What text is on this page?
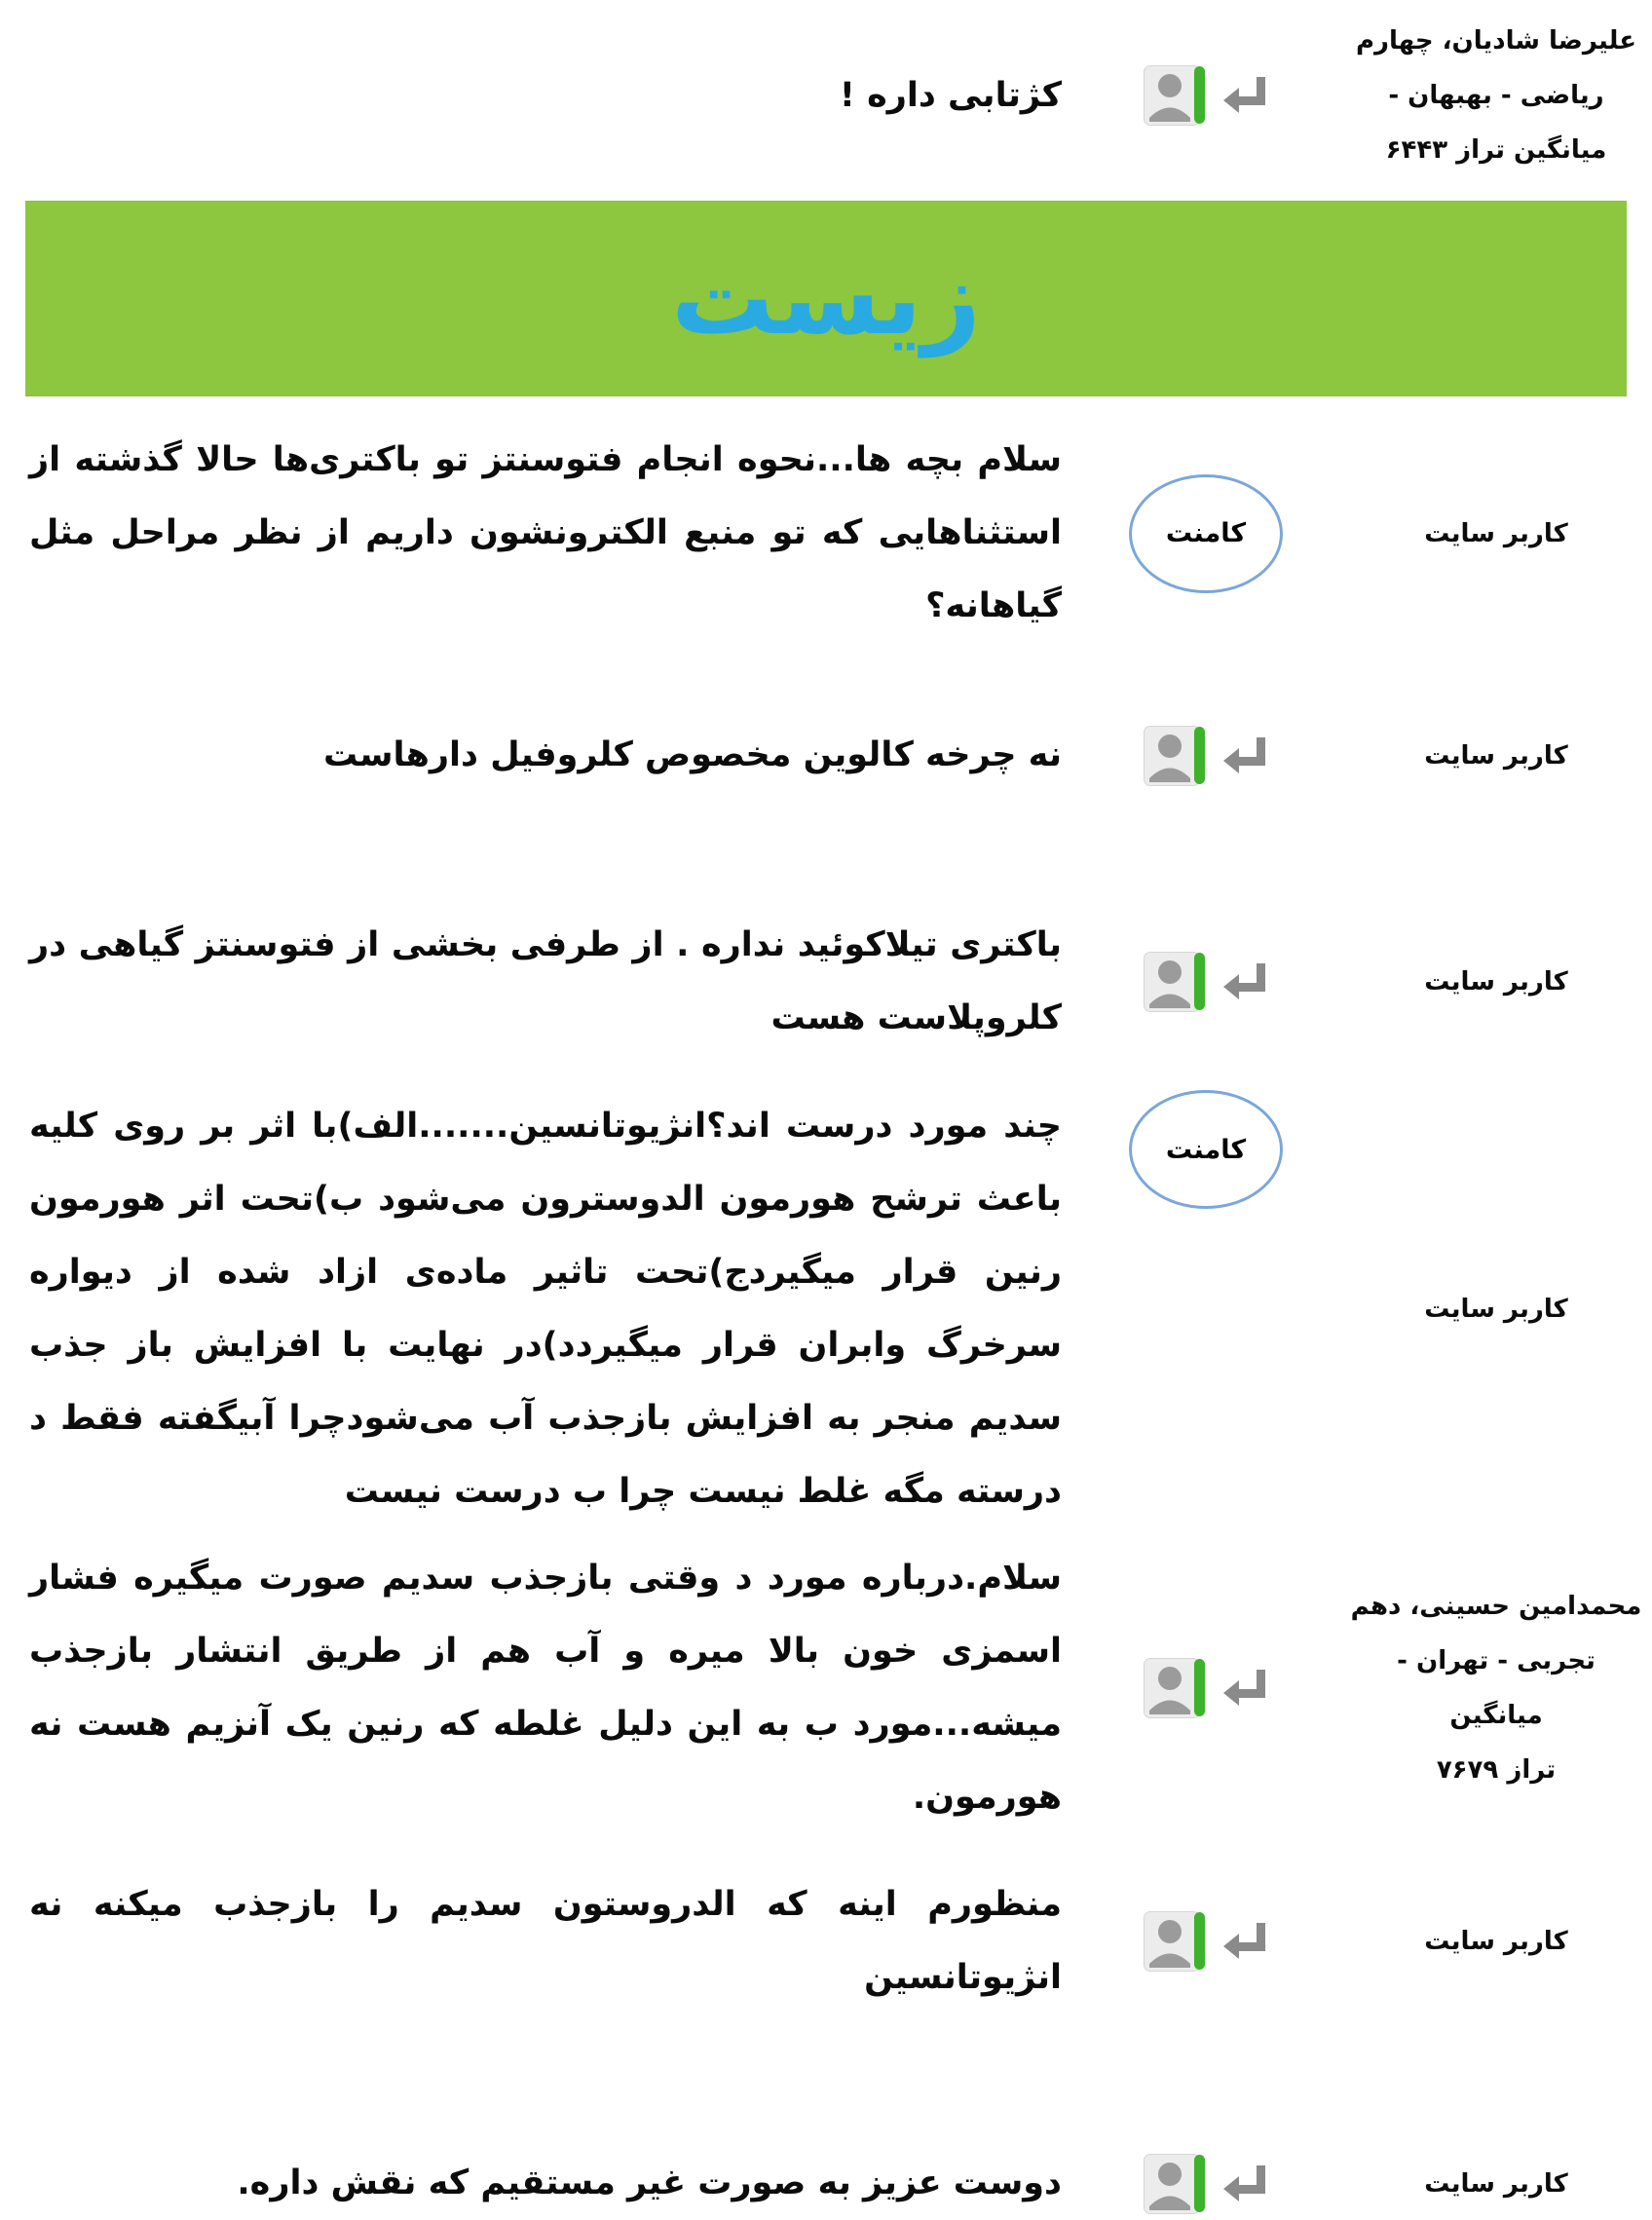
علیرضا شادیان، چهارم
ریاضی - بهبهان -
میانگین تراز ۶۴۴۳
کژتابی داره !
زیست
کاربر سایت
کامنت
سلام بچه ها...نحوه انجام فتوسنتز تو باکتری‌ها حالا گذشته از استثناهایی که تو منبع الکترونشون داریم از نظر مراحل مثل گیاهانه؟
کاربر سایت
نه چرخه کالوین مخصوص کلروفیل دارهاست
کاربر سایت
باکتری تیلاکوئید نداره . از طرفی بخشی از فتوسنتز گیاهی در کلروپلاست هست
کاربر سایت
کامنت
چند مورد درست اند؟انژیوتانسین.......الف)با اثر بر روی کلیه باعث ترشح هورمون الدوسترون می‌شود ب)تحت اثر هورمون رنین قرار میگیردج)تحت تاثیر ماده‌ی ازاد شده از دیواره سرخرگ وابران قرار میگیردد)در نهایت با افزایش باز جذب سدیم منجر به افزایش بازجذب آب می‌شودچرا آبیگفته فقط د درسته مگه غلط نیست چرا ب درست نیست
محمدامین حسینی، دهم
تجربی - تهران - میانگین
تراز ۷۶۷۹
سلام.درباره مورد د وقتی بازجذب سدیم صورت میگیره فشار اسمزی خون بالا میره و آب هم از طریق انتشار بازجذب میشه...مورد ب به این دلیل غلطه که رنین یک آنزیم هست نه هورمون.
کاربر سایت
منظورم اینه که الدروستون سدیم را بازجذب میکنه نه انژیوتانسین
کاربر سایت
دوست عزیز به صورت غیر مستقیم که نقش داره.
